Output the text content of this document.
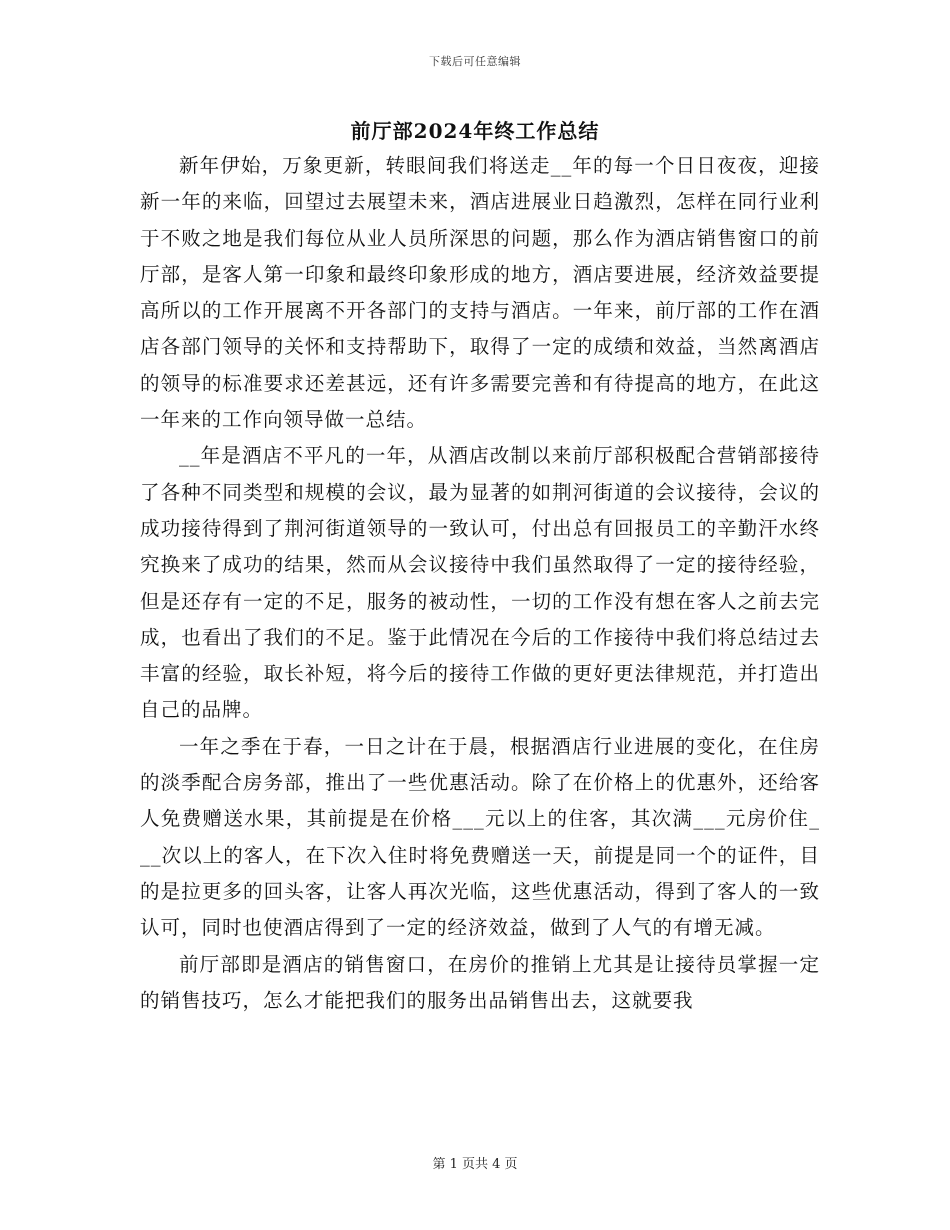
下载后可任意编辑
前厅部2024年终工作总结

新年伊始，万象更新，转眼间我们将送走__年的每一个日日夜夜，迎接新一年的来临，回望过去展望未来，酒店进展业日趋激烈，怎样在同行业利于不败之地是我们每位从业人员所深思的问题，那么作为酒店销售窗口的前厅部，是客人第一印象和最终印象形成的地方，酒店要进展，经济效益要提高所以的工作开展离不开各部门的支持与酒店。一年来，前厅部的工作在酒店各部门领导的关怀和支持帮助下，取得了一定的成绩和效益，当然离酒店的领导的标准要求还差甚远，还有许多需要完善和有待提高的地方，在此这一年来的工作向领导做一总结。

__年是酒店不平凡的一年，从酒店改制以来前厅部积极配合营销部接待了各种不同类型和规模的会议，最为显著的如荆河街道的会议接待，会议的成功接待得到了荆河街道领导的一致认可，付出总有回报员工的辛勤汗水终究换来了成功的结果，然而从会议接待中我们虽然取得了一定的接待经验，但是还存有一定的不足，服务的被动性，一切的工作没有想在客人之前去完成，也看出了我们的不足。鉴于此情况在今后的工作接待中我们将总结过去丰富的经验，取长补短，将今后的接待工作做的更好更法律规范，并打造出自己的品牌。

一年之季在于春，一日之计在于晨，根据酒店行业进展的变化，在住房的淡季配合房务部，推出了一些优惠活动。除了在价格上的优惠外，还给客人免费赠送水果，其前提是在价格___元以上的住客，其次满___元房价住___次以上的客人，在下次入住时将免费赠送一天，前提是同一个的证件，目的是拉更多的回头客，让客人再次光临，这些优惠活动，得到了客人的一致认可，同时也使酒店得到了一定的经济效益，做到了人气的有增无减。

前厅部即是酒店的销售窗口，在房价的推销上尤其是让接待员掌握一定的销售技巧，怎么才能把我们的服务出品销售出去，这就要我

第 1 页共 4 页
